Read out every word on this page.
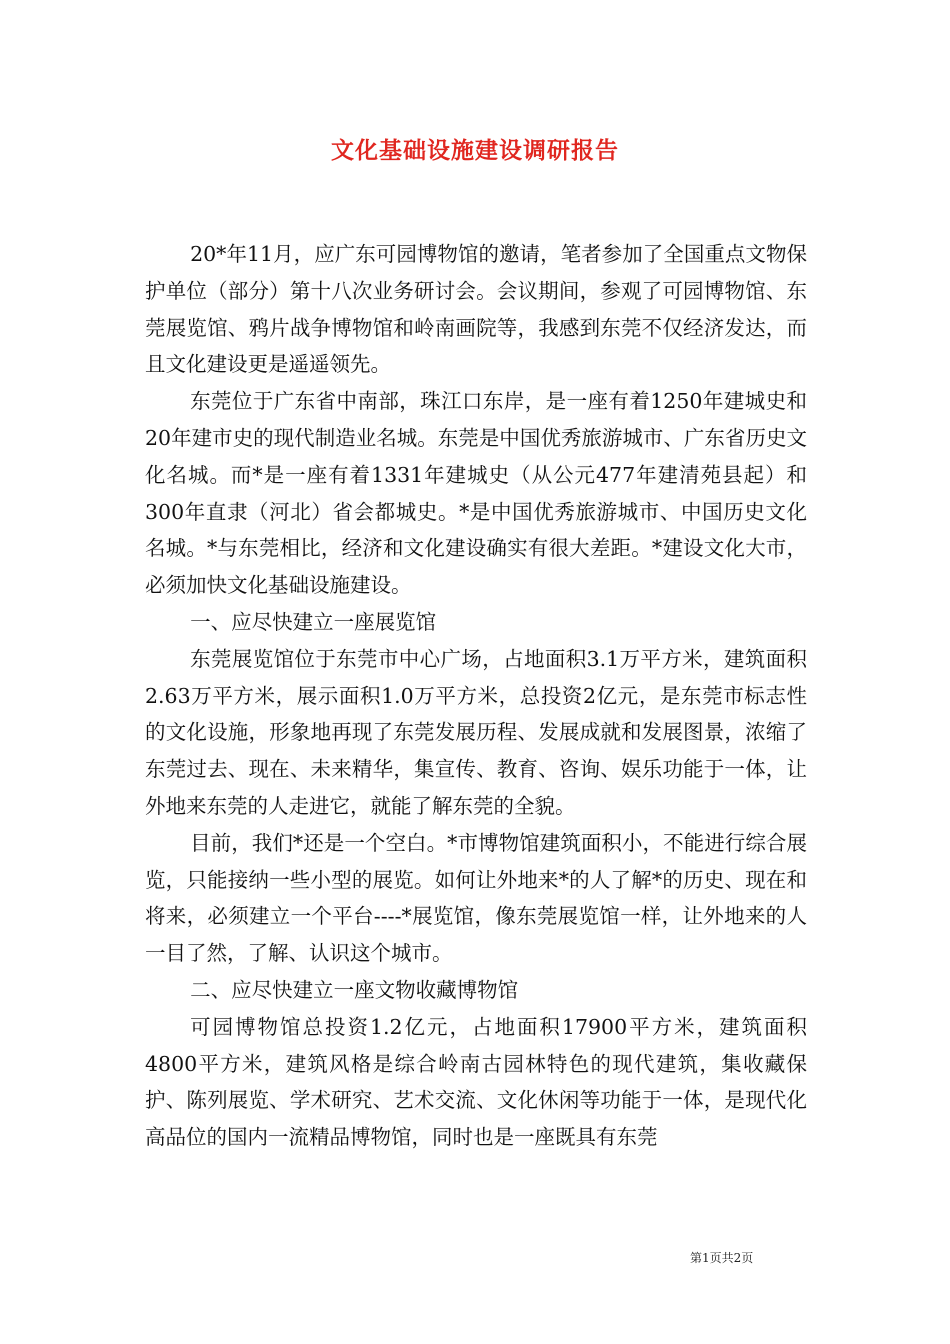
文化基础设施建设调研报告

20*年11月，应广东可园博物馆的邀请，笔者参加了全国重点文物保护单位（部分）第十八次业务研讨会。会议期间，参观了可园博物馆、东莞展览馆、鸦片战争博物馆和岭南画院等，我感到东莞不仅经济发达，而且文化建设更是遥遥领先。

东莞位于广东省中南部，珠江口东岸，是一座有着1250年建城史和20年建市史的现代制造业名城。东莞是中国优秀旅游城市、广东省历史文化名城。而*是一座有着1331年建城史（从公元477年建清苑县起）和300年直隶（河北）省会都城史。*是中国优秀旅游城市、中国历史文化名城。*与东莞相比，经济和文化建设确实有很大差距。*建设文化大市，必须加快文化基础设施建设。

一、应尽快建立一座展览馆

东莞展览馆位于东莞市中心广场，占地面积3.1万平方米，建筑面积2.63万平方米，展示面积1.0万平方米，总投资2亿元，是东莞市标志性的文化设施，形象地再现了东莞发展历程、发展成就和发展图景，浓缩了东莞过去、现在、未来精华，集宣传、教育、咨询、娱乐功能于一体，让外地来东莞的人走进它，就能了解东莞的全貌。

目前，我们*还是一个空白。*市博物馆建筑面积小，不能进行综合展览，只能接纳一些小型的展览。如何让外地来*的人了解*的历史、现在和将来，必须建立一个平台----*展览馆，像东莞展览馆一样，让外地来的人一目了然，了解、认识这个城市。

二、应尽快建立一座文物收藏博物馆

可园博物馆总投资1.2亿元，占地面积17900平方米，建筑面积4800平方米，建筑风格是综合岭南古园林特色的现代建筑，集收藏保护、陈列展览、学术研究、艺术交流、文化休闲等功能于一体，是现代化高品位的国内一流精品博物馆，同时也是一座既具有东莞

第1页共2页
